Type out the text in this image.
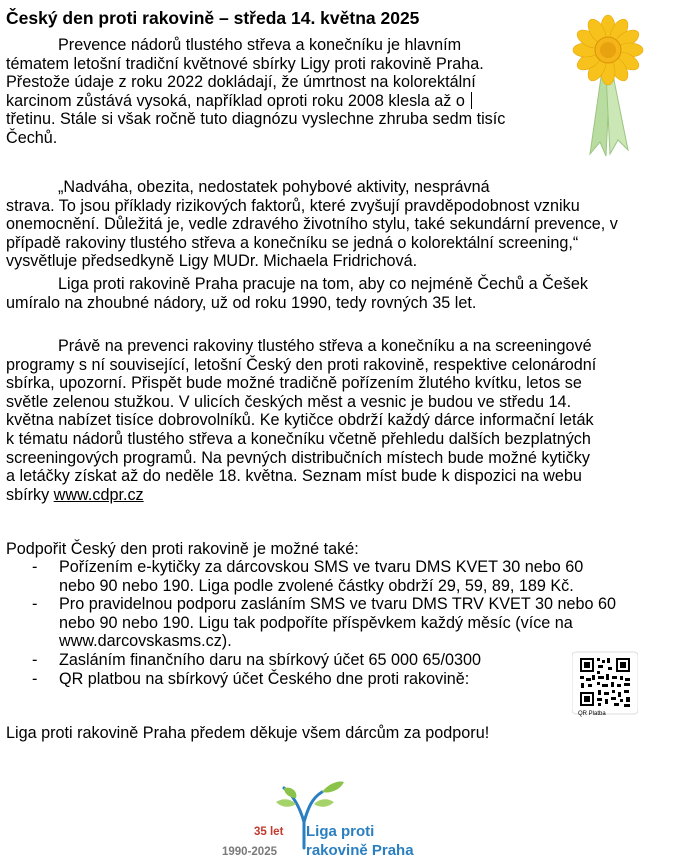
Český den proti rakovině – středa 14. května 2025
Prevence nádorů tlustého střeva a konečníku je hlavním
tématem letošní tradiční květnové sbírky Ligy proti rakovině Praha.
Přestože údaje z roku 2022 dokládají, že úmrtnost na kolorektální
karcinom zůstává vysoká, například oproti roku 2008 klesla až o
třetinu. Stále si však ročně tuto diagnózu vyslechne zhruba sedm tisíc
Čechů.
„Nadváha, obezita, nedostatek pohybové aktivity, nesprávná
strava. To jsou příklady rizikových faktorů, které zvyšují pravděpodobnost vzniku
onemocnění. Důležitá je, vedle zdravého životního stylu, také sekundární prevence, v
případě rakoviny tlustého střeva a konečníku se jedná o kolorektální screening,“
vysvětluje předsedkyně Ligy MUDr. Michaela Fridrichová.
Liga proti rakovině Praha pracuje na tom, aby co nejméně Čechů a Češek
umíralo na zhoubné nádory, už od roku 1990, tedy rovných 35 let.
Právě na prevenci rakoviny tlustého střeva a konečníku a na screeningové
programy s ní související, letošní Český den proti rakovině, respektive celonárodní
sbírka, upozorní. Přispět bude možné tradičně pořízením žlutého kvítku, letos se
světle zelenou stužkou. V ulicích českých měst a vesnic je budou ve středu 14.
května nabízet tisíce dobrovolníků. Ke kytičce obdrží každý dárce informační leták
k tématu nádorů tlustého střeva a konečníku včetně přehledu dalších bezplatných
screeningových programů. Na pevných distribučních místech bude možné kytičky
a letáčky získat až do neděle 18. května. Seznam míst bude k dispozici na webu
sbírky www.cdpr.cz
Podpořit Český den proti rakovině je možné také:
- Pořízením e-kytičky za dárcovskou SMS ve tvaru DMS KVET 30 nebo 60
nebo 90 nebo 190. Liga podle zvolené částky obdrží 29, 59, 89, 189 Kč.
- Pro pravidelnou podporu zasláním SMS ve tvaru DMS TRV KVET 30 nebo 60
nebo 90 nebo 190. Ligu tak podpoříte příspěvkem každý měsíc (více na
www.darcovskasms.cz).
- Zasláním finančního daru na sbírkový účet 65 000 65/0300
- QR platbou na sbírkový účet Českého dne proti rakovině:
Liga proti rakovině Praha předem děkuje všem dárcům za podporu!
QR Platba
35 let
1990-2025
Liga proti
rakovině Praha
